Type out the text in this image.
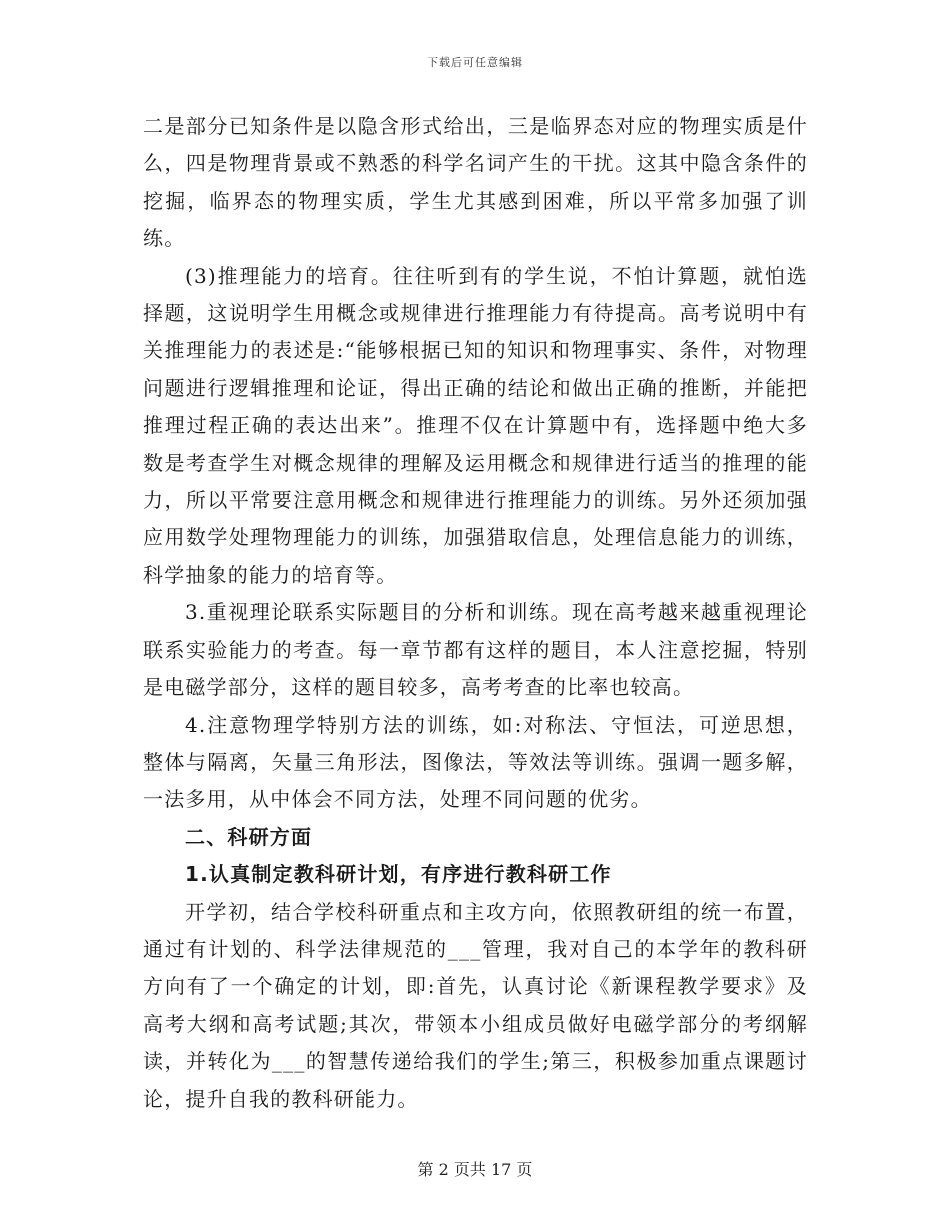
下载后可任意编辑

二是部分已知条件是以隐含形式给出，三是临界态对应的物理实质是什么，四是物理背景或不熟悉的科学名词产生的干扰。这其中隐含条件的挖掘，临界态的物理实质，学生尤其感到困难，所以平常多加强了训练。

(3)推理能力的培育。往往听到有的学生说，不怕计算题，就怕选择题，这说明学生用概念或规律进行推理能力有待提高。高考说明中有关推理能力的表述是:“能够根据已知的知识和物理事实、条件，对物理问题进行逻辑推理和论证，得出正确的结论和做出正确的推断，并能把推理过程正确的表达出来”。推理不仅在计算题中有，选择题中绝大多数是考查学生对概念规律的理解及运用概念和规律进行适当的推理的能力，所以平常要注意用概念和规律进行推理能力的训练。另外还须加强应用数学处理物理能力的训练，加强猎取信息，处理信息能力的训练，科学抽象的能力的培育等。

3.重视理论联系实际题目的分析和训练。现在高考越来越重视理论联系实验能力的考查。每一章节都有这样的题目，本人注意挖掘，特别是电磁学部分，这样的题目较多，高考考查的比率也较高。

4.注意物理学特别方法的训练，如:对称法、守恒法，可逆思想，整体与隔离，矢量三角形法，图像法，等效法等训练。强调一题多解，一法多用，从中体会不同方法，处理不同问题的优劣。

二、科研方面

1.认真制定教科研计划，有序进行教科研工作

开学初，结合学校科研重点和主攻方向，依照教研组的统一布置，通过有计划的、科学法律规范的___管理，我对自己的本学年的教科研方向有了一个确定的计划，即:首先，认真讨论《新课程教学要求》及高考大纲和高考试题;其次，带领本小组成员做好电磁学部分的考纲解读，并转化为___的智慧传递给我们的学生;第三，积极参加重点课题讨论，提升自我的教科研能力。

第 2 页共 17 页
